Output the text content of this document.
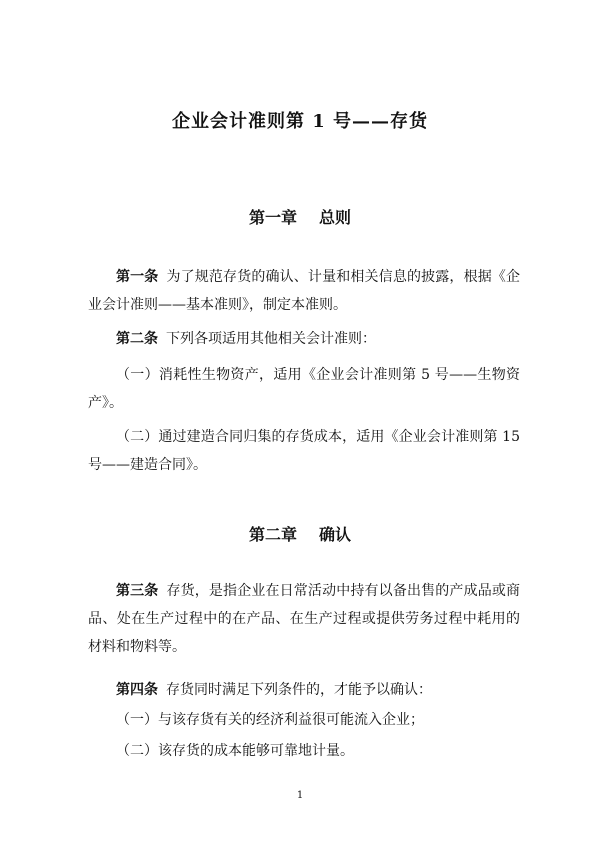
企业会计准则第 1 号——存货
第一章 总则
第一条 为了规范存货的确认、计量和相关信息的披露，根据《企业会计准则——基本准则》，制定本准则。
第二条 下列各项适用其他相关会计准则：
（一）消耗性生物资产，适用《企业会计准则第 5 号——生物资产》。
（二）通过建造合同归集的存货成本，适用《企业会计准则第 15 号——建造合同》。
第二章 确认
第三条 存货，是指企业在日常活动中持有以备出售的产成品或商品、处在生产过程中的在产品、在生产过程或提供劳务过程中耗用的材料和物料等。
第四条 存货同时满足下列条件的，才能予以确认：
（一）与该存货有关的经济利益很可能流入企业；
（二）该存货的成本能够可靠地计量。
1
